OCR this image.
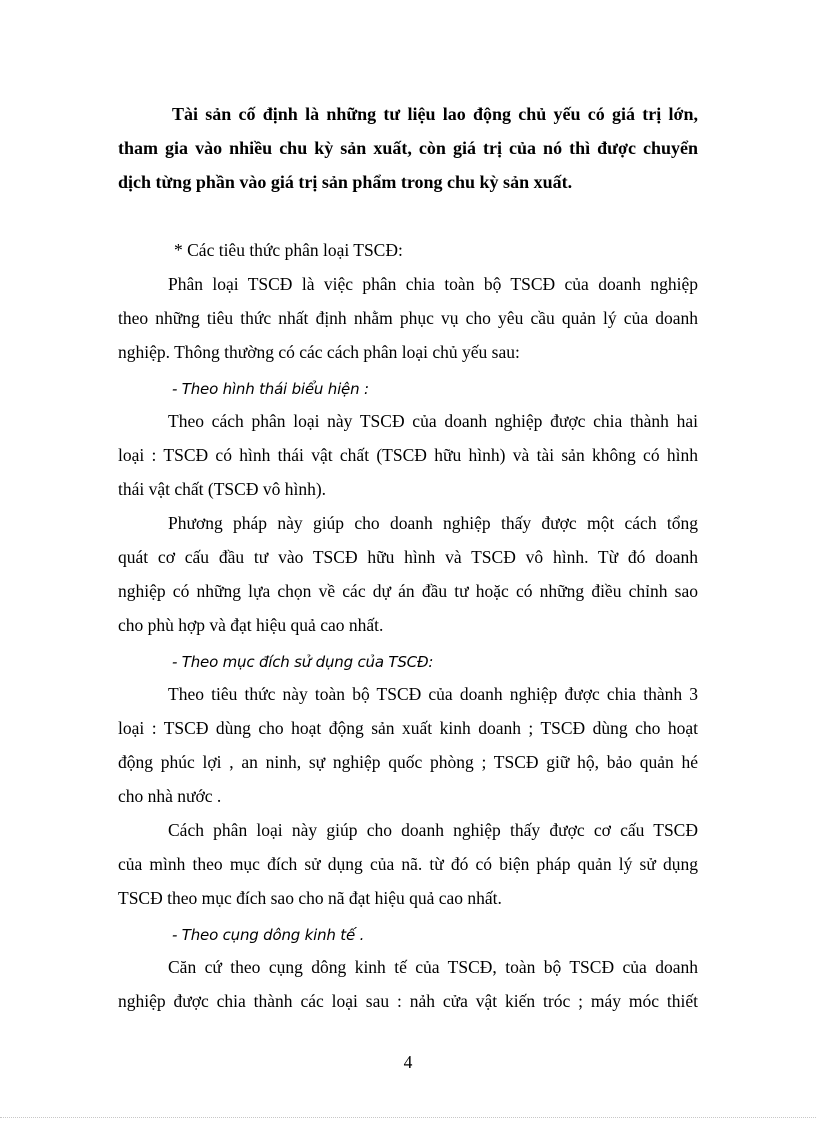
Tài sản cố định là những tư liệu lao động chủ yếu có giá trị lớn,
tham gia vào nhiều chu kỳ sản xuất, còn giá trị của nó thì được chuyển
dịch từng phần vào giá trị sản phẩm trong chu kỳ sản xuất.
* Các tiêu thức phân loại TSCĐ:
Phân loại TSCĐ là việc phân chia toàn bộ TSCĐ của doanh nghiệp
theo những tiêu thức nhất định nhằm phục vụ cho yêu cầu quản lý của doanh
nghiệp. Thông thường có các cách phân loại chủ yếu sau:
- Theo hình thái biểu hiện :
Theo cách phân loại này TSCĐ của doanh nghiệp được chia thành hai
loại : TSCĐ có hình thái vật chất (TSCĐ hữu hình) và tài sản không có hình
thái vật chất (TSCĐ vô hình).
Phương pháp này giúp cho doanh nghiệp thấy được một cách tổng
quát cơ cấu đầu tư vào TSCĐ hữu hình và TSCĐ vô hình. Từ đó doanh
nghiệp có những lựa chọn về các dự án đầu tư hoặc có những điều chỉnh sao
cho phù hợp và đạt hiệu quả cao nhất.
- Theo mục đích sử dụng của TSCĐ:
Theo tiêu thức này toàn bộ TSCĐ của doanh nghiệp được chia thành 3
loại : TSCĐ dùng cho hoạt động sản xuất kinh doanh ; TSCĐ dùng cho hoạt
động phúc lợi , an ninh, sự nghiệp quốc phòng ; TSCĐ giữ hộ, bảo quản hé
cho nhà nước .
Cách phân loại này giúp cho doanh nghiệp thấy được cơ cấu TSCĐ
của mình theo mục đích sử dụng của nã. từ đó có biện pháp quản lý sử dụng
TSCĐ theo mục đích sao cho nã đạt hiệu quả cao nhất.
- Theo cụng dông kinh tế .
Căn cứ theo cụng dông kinh tế của TSCĐ, toàn bộ TSCĐ của doanh
nghiệp được chia thành các loại sau : nảh cửa vật kiến tróc ; máy móc thiết
4
